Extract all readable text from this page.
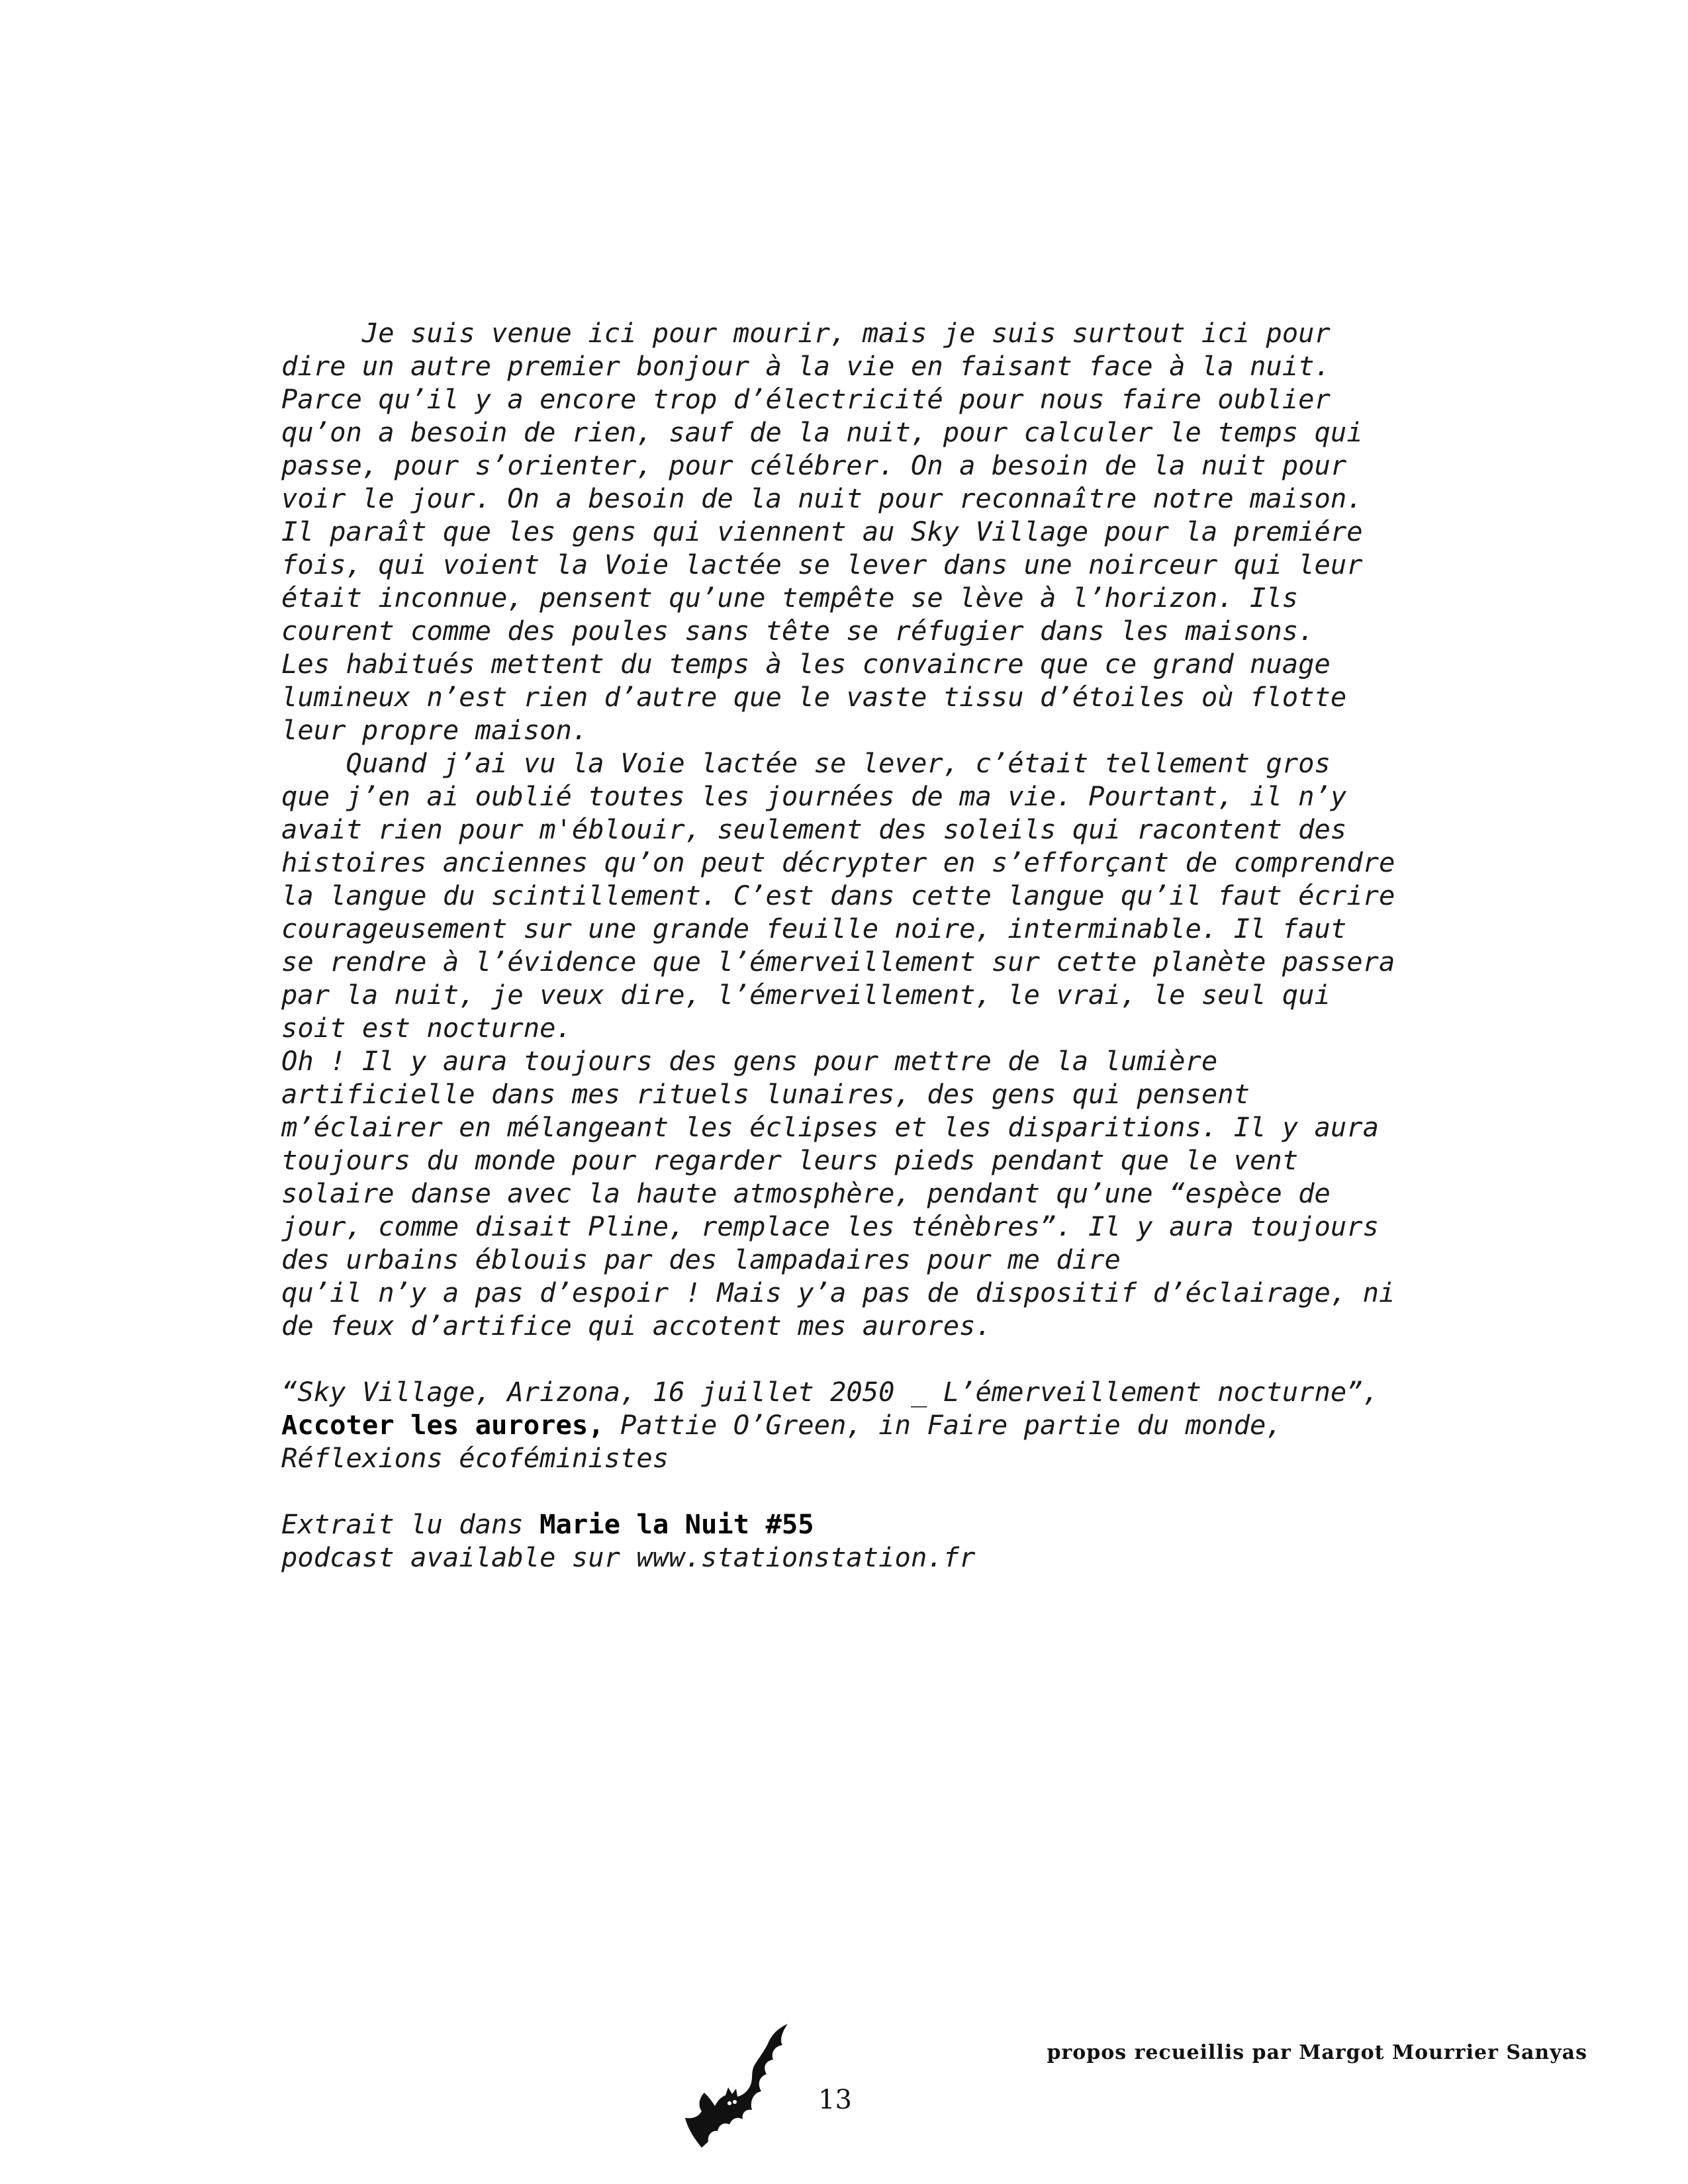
Je suis venue ici pour mourir, mais je suis surtout ici pour
dire un autre premier bonjour à la vie en faisant face à la nuit.
Parce qu’il y a encore trop d’électricité pour nous faire oublier
qu’on a besoin de rien, sauf de la nuit, pour calculer le temps qui
passe, pour s’orienter, pour célébrer. On a besoin de la nuit pour
voir le jour. On a besoin de la nuit pour reconnaître notre maison.
Il paraît que les gens qui viennent au Sky Village pour la premiére
fois, qui voient la Voie lactée se lever dans une noirceur qui leur
était inconnue, pensent qu’une tempête se lève à l’horizon. Ils
courent comme des poules sans tête se réfugier dans les maisons.
Les habitués mettent du temps à les convaincre que ce grand nuage
lumineux n’est rien d’autre que le vaste tissu d’étoiles où flotte
leur propre maison.
Quand j’ai vu la Voie lactée se lever, c’était tellement gros
que j’en ai oublié toutes les journées de ma vie. Pourtant, il n’y
avait rien pour m'éblouir, seulement des soleils qui racontent des
histoires anciennes qu’on peut décrypter en s’efforçant de comprendre
la langue du scintillement. C’est dans cette langue qu’il faut écrire
courageusement sur une grande feuille noire, interminable. Il faut
se rendre à l’évidence que l’émerveillement sur cette planète passera
par la nuit, je veux dire, l’émerveillement, le vrai, le seul qui
soit est nocturne.
Oh ! Il y aura toujours des gens pour mettre de la lumière
artificielle dans mes rituels lunaires, des gens qui pensent
m’éclairer en mélangeant les éclipses et les disparitions. Il y aura
toujours du monde pour regarder leurs pieds pendant que le vent
solaire danse avec la haute atmosphère, pendant qu’une “espèce de
jour, comme disait Pline, remplace les ténèbres”. Il y aura toujours
des urbains éblouis par des lampadaires pour me dire
qu’il n’y a pas d’espoir ! Mais y’a pas de dispositif d’éclairage, ni
de feux d’artifice qui accotent mes aurores.
“Sky Village, Arizona, 16 juillet 2050 _ L’émerveillement nocturne”,
Accoter les aurores, Pattie O’Green, in Faire partie du monde,
Réflexions écoféministes
Extrait lu dans Marie la Nuit #55
podcast available sur www.stationstation.fr
13
propos recueillis par Margot Mourrier Sanyas
